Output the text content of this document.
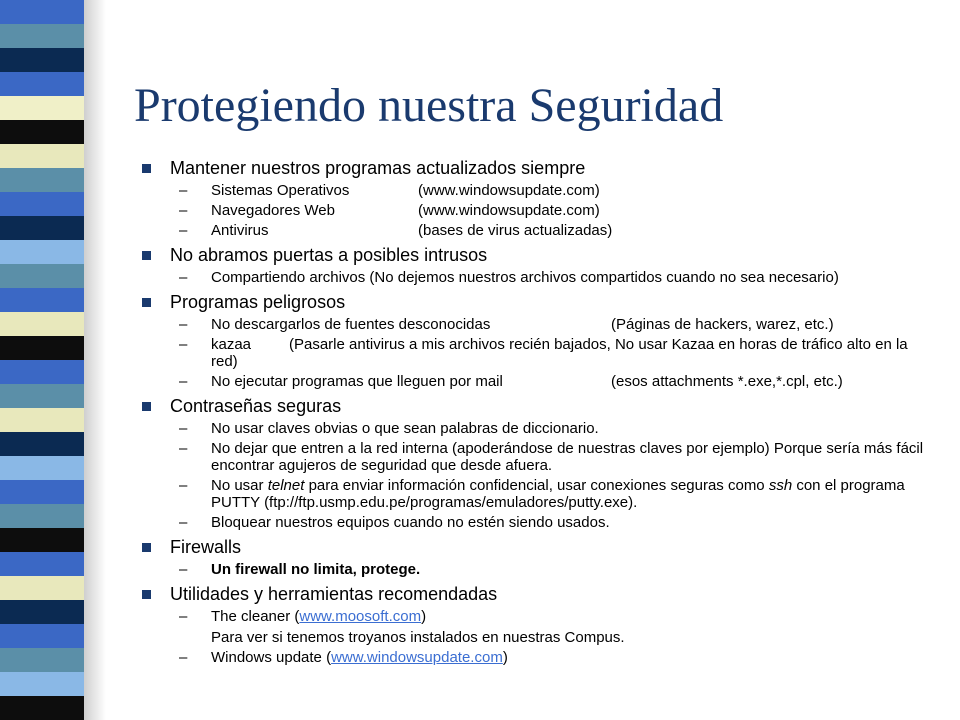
Protegiendo nuestra Seguridad
Mantener nuestros programas actualizados siempre
– Sistemas Operativos	(www.windowsupdate.com)
– Navegadores Web	(www.windowsupdate.com)
– Antivirus	(bases de virus actualizadas)
No abramos puertas a posibles intrusos
– Compartiendo archivos (No dejemos nuestros archivos compartidos cuando no sea necesario)
Programas peligrosos
– No descargarlos de fuentes desconocidas	(Páginas de hackers, warez, etc.)
– kazaa	(Pasarle antivirus a mis archivos recién bajados, No usar Kazaa en horas de tráfico alto en la red)
– No ejecutar programas que lleguen por mail	(esos attachments *.exe,*.cpl, etc.)
Contraseñas seguras
– No usar claves obvias o que sean palabras de diccionario.
– No dejar que entren a la red interna (apoderándose de nuestras claves por ejemplo) Porque sería más fácil encontrar agujeros de seguridad que desde afuera.
– No usar telnet para enviar información confidencial, usar conexiones seguras como ssh con el programa PUTTY (ftp://ftp.usmp.edu.pe/programas/emuladores/putty.exe).
– Bloquear nuestros equipos cuando no estén siendo usados.
Firewalls
– Un firewall no limita, protege.
Utilidades y herramientas recomendadas
– The cleaner (www.moosoft.com)
Para ver si tenemos troyanos instalados en nuestras Compus.
– Windows update (www.windowsupdate.com)
